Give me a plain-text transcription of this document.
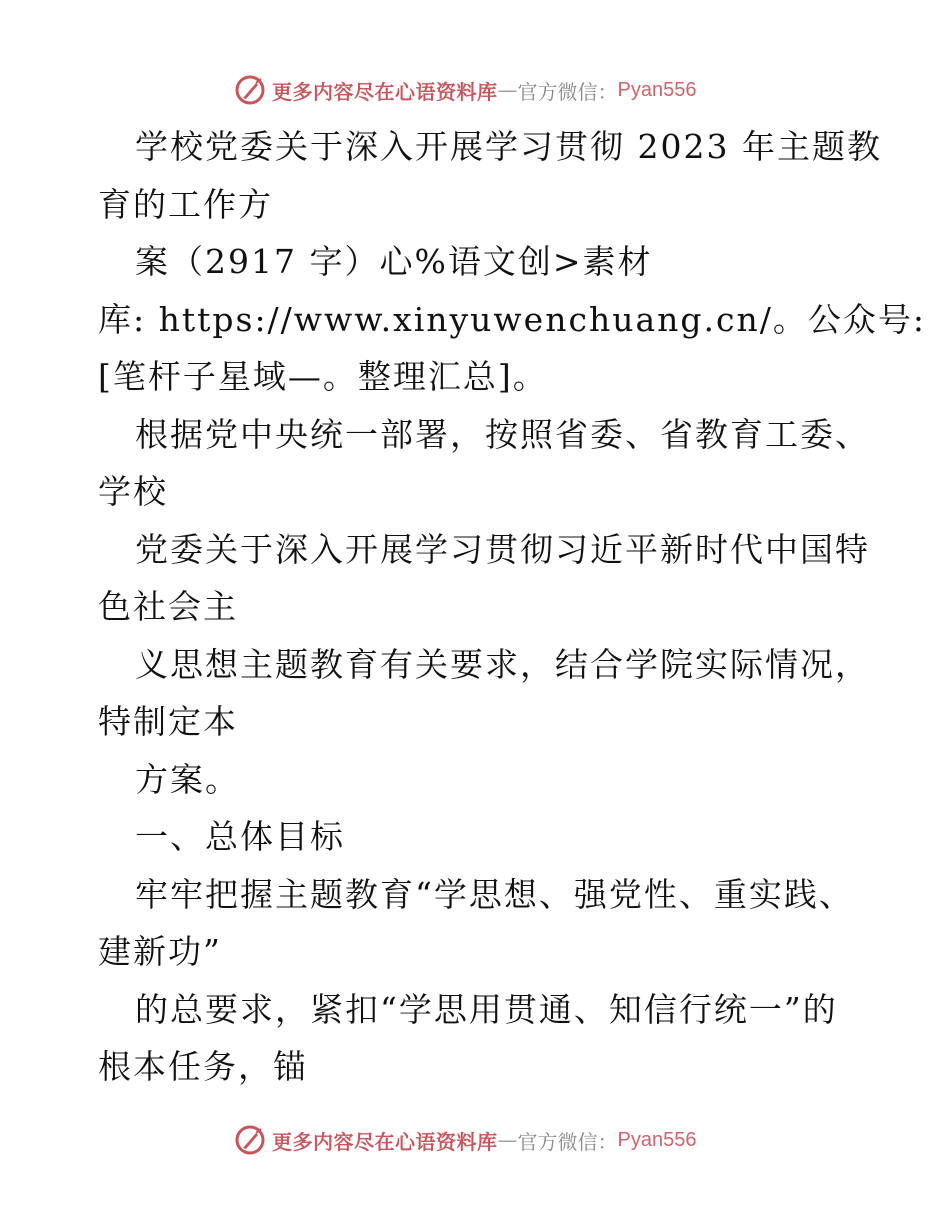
更多内容尽在心语资料库 — 官方微信： Pyan556
学校党委关于深入开展学习贯彻 2023 年主题教
育的工作方
案（2917 字）心%语文创>素材
库: https://www.xinyuwenchuang.cn/。公众号:
[笔杆子星域—。整理汇总]。
根据党中央统一部署，按照省委、省教育工委、
学校
党委关于深入开展学习贯彻习近平新时代中国特
色社会主
义思想主题教育有关要求，结合学院实际情况，
特制定本
方案。
一、总体目标
牢牢把握主题教育“学思想、强党性、重实践、
建新功”
的总要求，紧扣“学思用贯通、知信行统一”的
根本任务，锚
更多内容尽在心语资料库 — 官方微信： Pyan556
